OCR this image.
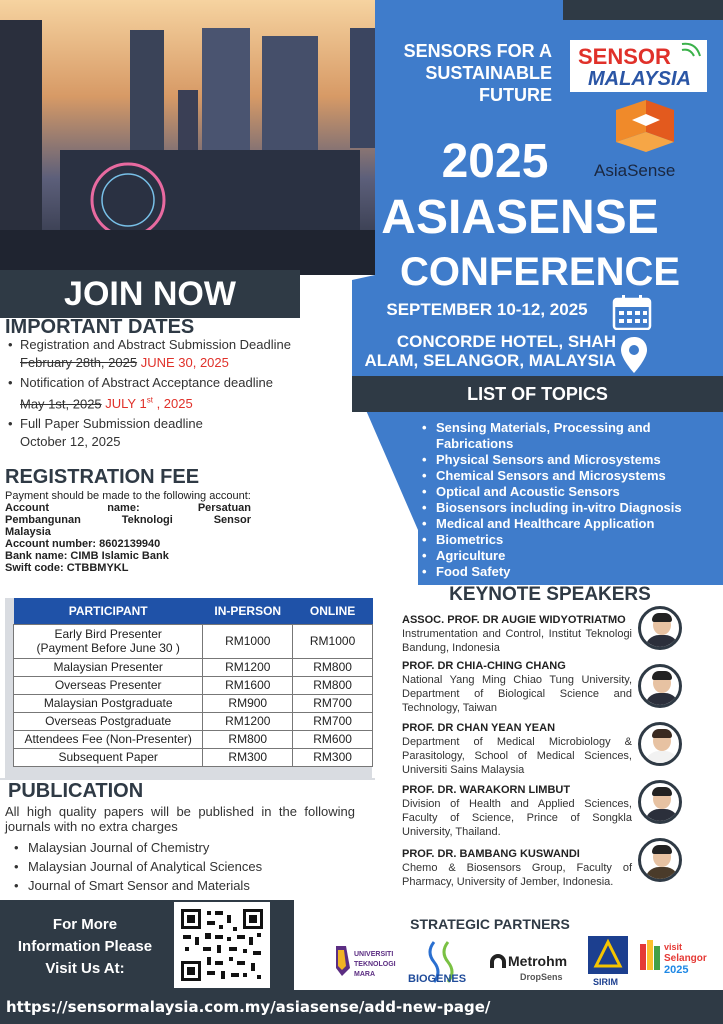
JOIN NOW
SENSORS FOR A
SUSTAINABLE
FUTURE
SENSOR
MALAYSIA
AsiaSense
2025
ASIASENSE
CONFERENCE
SEPTEMBER 10-12, 2025
CONCORDE HOTEL, SHAH
ALAM, SELANGOR, MALAYSIA
LIST OF TOPICS
• Sensing Materials, Processing and Fabrications
• Physical Sensors and Microsystems
• Chemical Sensors and Microsystems
• Optical and Acoustic Sensors
• Biosensors including in-vitro Diagnosis
• Medical and Healthcare Application
• Biometrics
• Agriculture
• Food Safety
IMPORTANT DATES
• Registration and Abstract Submission Deadline
February 28th, 2025 JUNE 30, 2025
• Notification of Abstract Acceptance deadline
May 1st, 2025 JULY 1st , 2025
• Full Paper Submission deadline
October 12, 2025
REGISTRATION FEE
Payment should be made to the following account:
Account	name:	Persatuan
Pembangunan	Teknologi	Sensor
Malaysia
Account number: 8602139940
Bank name: CIMB Islamic Bank
Swift code: CTBBMYKL
PARTICIPANT	IN-PERSON	ONLINE

Early Bird Presenter
(Payment Before June 30 )	RM1000	RM1000
Malaysian Presenter	RM1200	RM800
Overseas Presenter	RM1600	RM800
Malaysian Postgraduate	RM900	RM700
Overseas Postgraduate	RM1200	RM700
Attendees Fee (Non-Presenter)	RM800	RM600
Subsequent Paper	RM300	RM300
PUBLICATION
All high quality papers will be published in the following journals with no extra charges
• Malaysian Journal of Chemistry
• Malaysian Journal of Analytical Sciences
• Journal of Smart Sensor and Materials
KEYNOTE SPEAKERS
ASSOC. PROF. DR AUGIE WIDYOTRIATMO
Instrumentation and Control, Institut Teknologi Bandung, Indonesia
PROF. DR CHIA-CHING CHANG
National Yang Ming Chiao Tung University, Department of Biological Science and Technology, Taiwan
PROF. DR CHAN YEAN YEAN
Department of Medical Microbiology & Parasitology, School of Medical Sciences, Universiti Sains Malaysia
PROF. DR. WARAKORN LIMBUT
Division of Health and Applied Sciences, Faculty of Science, Prince of Songkla University, Thailand.
PROF. DR. BAMBANG KUSWANDI
Chemo & Biosensors Group, Faculty of Pharmacy, University of Jember, Indonesia.
For More
Information Please
Visit Us At:
STRATEGIC PARTNERS
UNIVERSITI
TEKNOLOGI
MARA	BIOGENES
Metrohm
DropSens	SIRIM
visit
Selangor
2025
https://sensormalaysia.com.my/asiasense/add-new-page/
